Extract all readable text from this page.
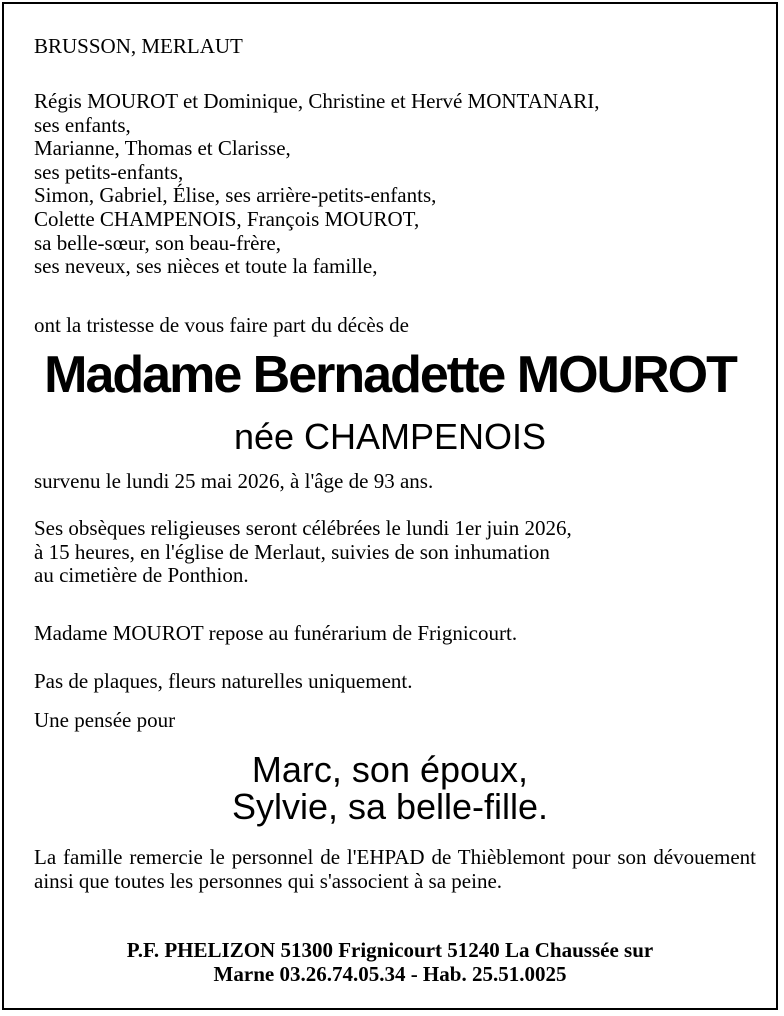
BRUSSON, MERLAUT
Régis MOUROT et Dominique, Christine et Hervé MONTANARI,
ses enfants,
Marianne, Thomas et Clarisse,
ses petits-enfants,
Simon, Gabriel, Élise, ses arrière-petits-enfants,
Colette CHAMPENOIS, François MOUROT,
sa belle-sœur, son beau-frère,
ses neveux, ses nièces et toute la famille,
ont la tristesse de vous faire part du décès de
Madame Bernadette MOUROT
née CHAMPENOIS
survenu le lundi 25 mai 2026, à l'âge de 93 ans.
Ses obsèques religieuses seront célébrées le lundi 1er juin 2026,
à 15 heures, en l'église de Merlaut, suivies de son inhumation
au cimetière de Ponthion.
Madame MOUROT repose au funérarium de Frignicourt.
Pas de plaques, fleurs naturelles uniquement.
Une pensée pour
Marc, son époux,
Sylvie, sa belle-fille.
La famille remercie le personnel de l'EHPAD de Thièblemont pour son dévouement ainsi que toutes les personnes qui s'associent à sa peine.
P.F. PHELIZON 51300 Frignicourt 51240 La Chaussée sur
Marne 03.26.74.05.34 - Hab. 25.51.0025
